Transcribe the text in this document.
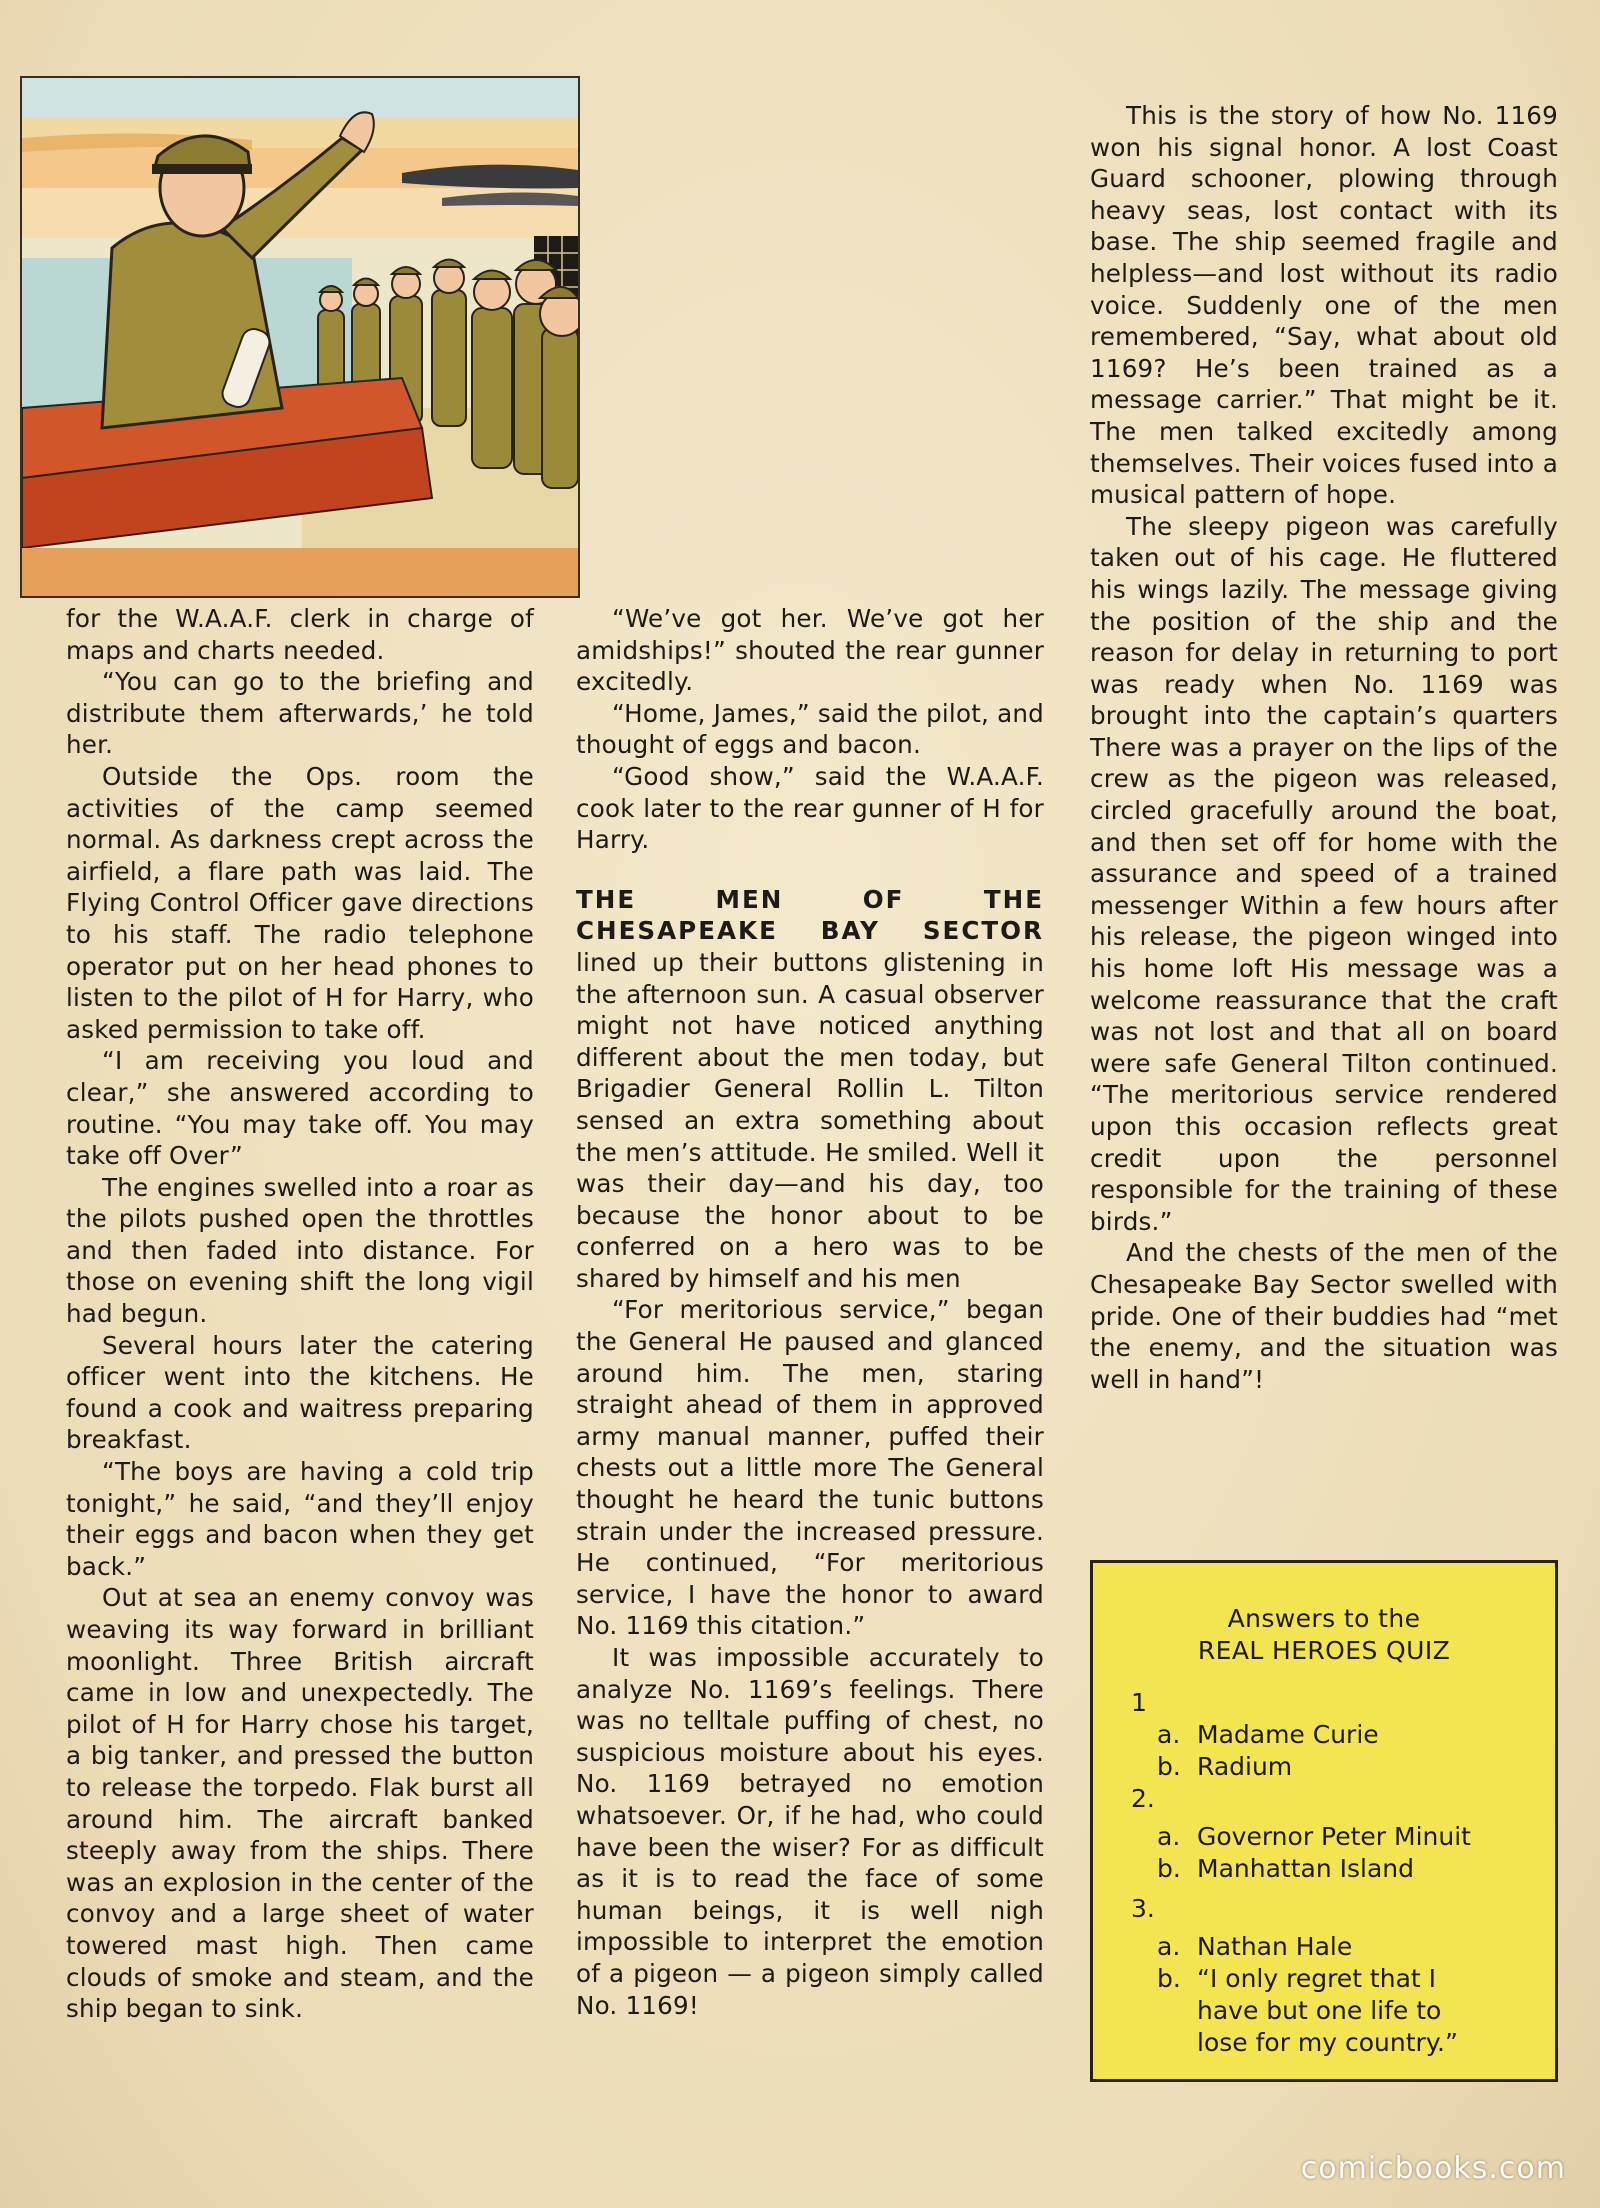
for the W.A.A.F. clerk in charge of maps and charts needed.

“You can go to the briefing and distribute them afterwards,’ he told her.

Outside the Ops. room the activities of the camp seemed normal. As darkness crept across the airfield, a flare path was laid. The Flying Control Officer gave directions to his staff. The radio telephone operator put on her head phones to listen to the pilot of H for Harry, who asked permission to take off.

“I am receiving you loud and clear,” she answered according to routine. “You may take off. You may take off Over”

The engines swelled into a roar as the pilots pushed open the throttles and then faded into distance. For those on evening shift the long vigil had begun.

Several hours later the catering officer went into the kitchens. He found a cook and waitress preparing breakfast.

“The boys are having a cold trip tonight,” he said, “and they’ll enjoy their eggs and bacon when they get back.”

Out at sea an enemy convoy was weaving its way forward in brilliant moonlight. Three British aircraft came in low and unexpectedly. The pilot of H for Harry chose his target, a big tanker, and pressed the button to release the torpedo. Flak burst all around him. The aircraft banked steeply away from the ships. There was an explosion in the center of the convoy and a large sheet of water towered mast high. Then came clouds of smoke and steam, and the ship began to sink.

“We’ve got her. We’ve got her amidships!” shouted the rear gunner excitedly.

“Home, James,” said the pilot, and thought of eggs and bacon.

“Good show,” said the W.A.A.F. cook later to the rear gunner of H for Harry.

THE MEN OF THE CHESAPEAKE BAY SECTOR lined up their buttons glistening in the afternoon sun. A casual observer might not have noticed anything different about the men today, but Brigadier General Rollin L. Tilton sensed an extra something about the men’s attitude. He smiled. Well it was their day—and his day, too because the honor about to be conferred on a hero was to be shared by himself and his men

“For meritorious service,” began the General He paused and glanced around him. The men, staring straight ahead of them in approved army manual manner, puffed their chests out a little more The General thought he heard the tunic buttons strain under the increased pressure. He continued, “For meritorious service, I have the honor to award No. 1169 this citation.”

It was impossible accurately to analyze No. 1169’s feelings. There was no telltale puffing of chest, no suspicious moisture about his eyes. No. 1169 betrayed no emotion whatsoever. Or, if he had, who could have been the wiser? For as difficult as it is to read the face of some human beings, it is well nigh impossible to interpret the emotion of a pigeon — a pigeon simply called No. 1169!

This is the story of how No. 1169 won his signal honor. A lost Coast Guard schooner, plowing through heavy seas, lost contact with its base. The ship seemed fragile and helpless—and lost without its radio voice. Suddenly one of the men remembered, “Say, what about old 1169? He’s been trained as a message carrier.” That might be it. The men talked excitedly among themselves. Their voices fused into a musical pattern of hope.

The sleepy pigeon was carefully taken out of his cage. He fluttered his wings lazily. The message giving the position of the ship and the reason for delay in returning to port was ready when No. 1169 was brought into the captain’s quarters There was a prayer on the lips of the crew as the pigeon was released, circled gracefully around the boat, and then set off for home with the assurance and speed of a trained messenger Within a few hours after his release, the pigeon winged into his home loft His message was a welcome reassurance that the craft was not lost and that all on board were safe General Tilton continued. “The meritorious service rendered upon this occasion reflects great credit upon the personnel responsible for the training of these birds.”

And the chests of the men of the Chesapeake Bay Sector swelled with pride. One of their buddies had “met the enemy, and the situation was well in hand”!

Answers to the
REAL HEROES QUIZ
1
a. Madame Curie
b. Radium
2.
a. Governor Peter Minuit
b. Manhattan Island
3.
a. Nathan Hale
b. “I only regret that I have but one life to lose for my country.”
comicbooks.com
